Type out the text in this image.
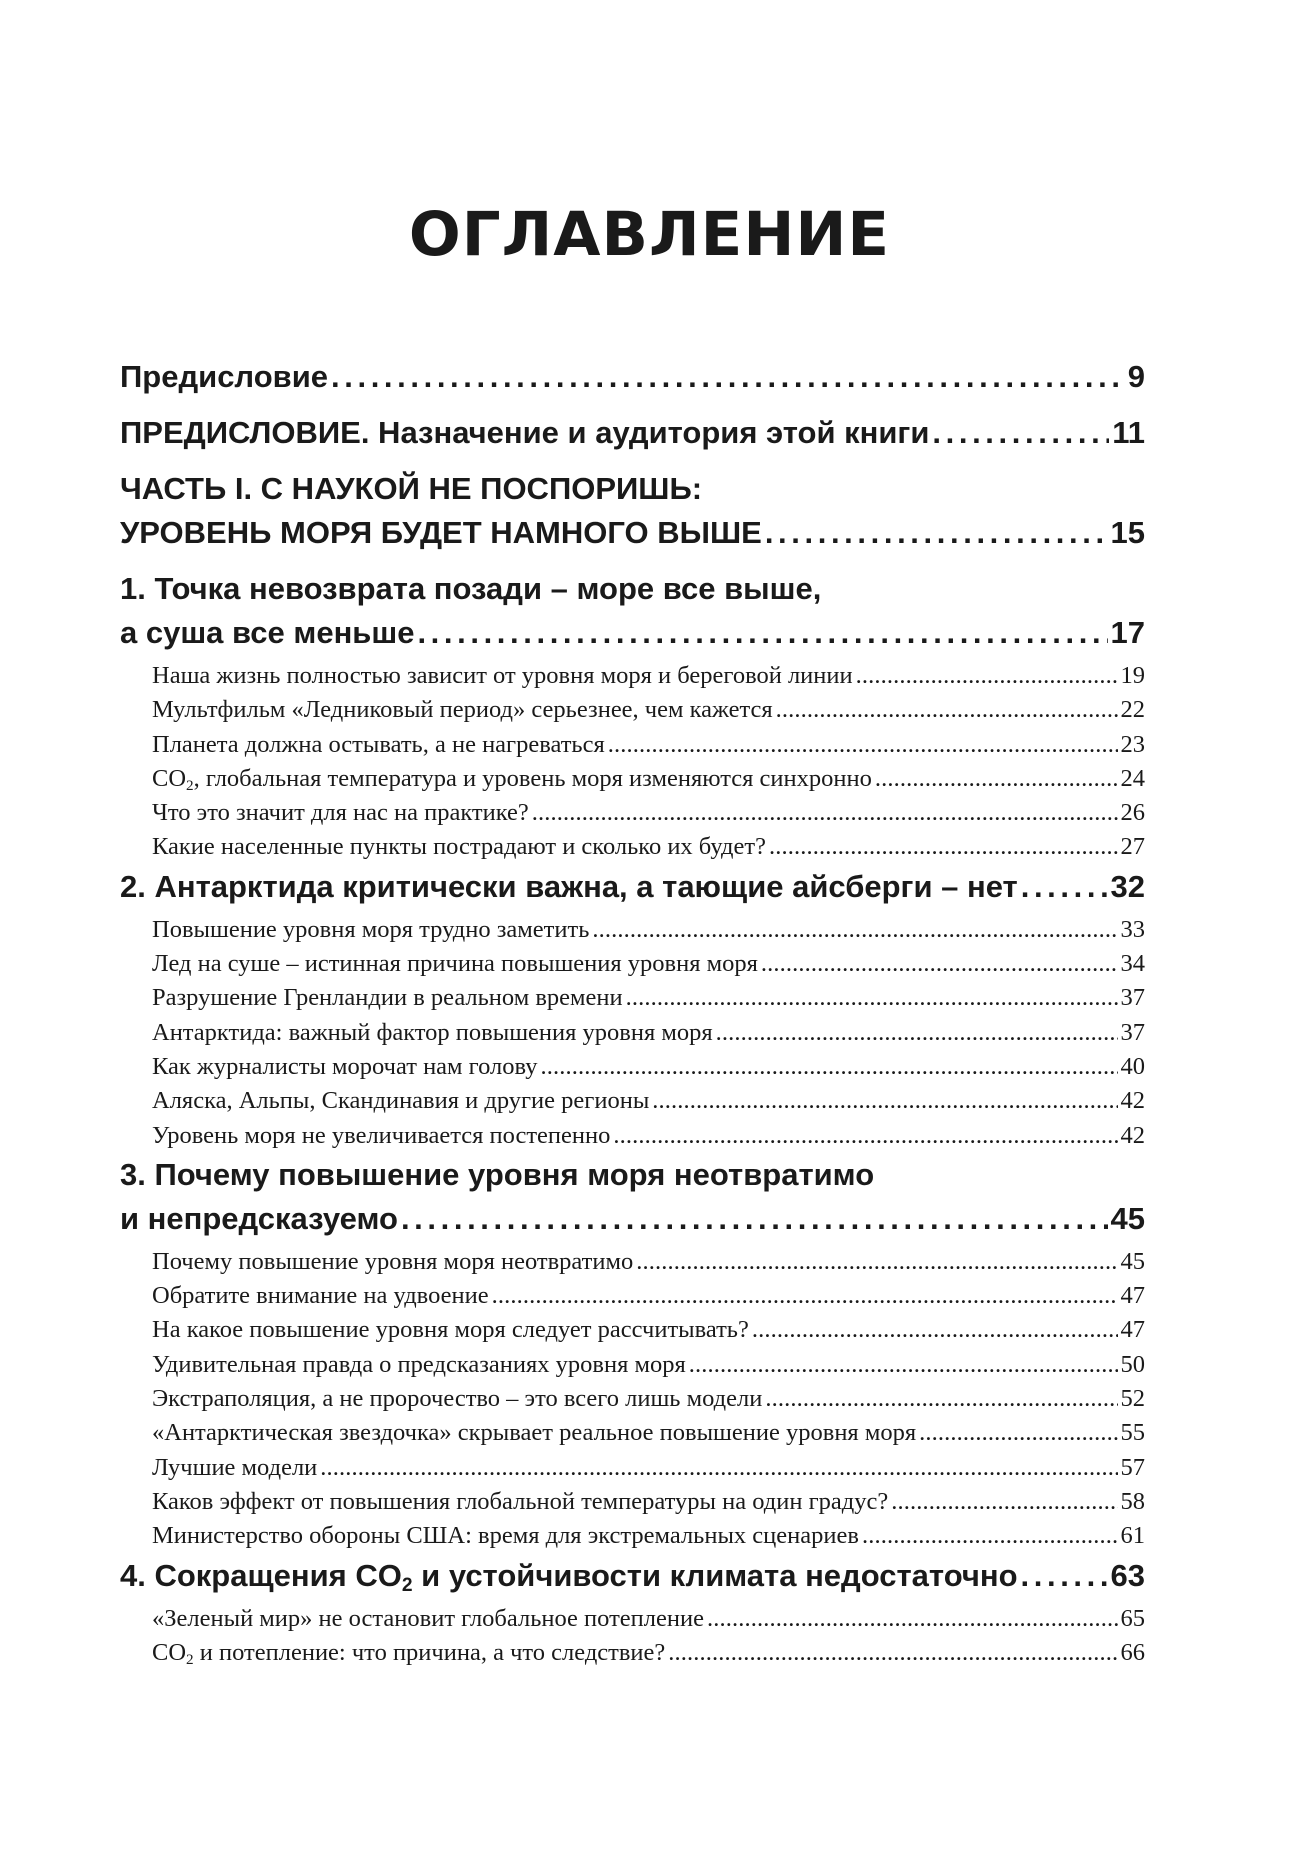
ОГЛАВЛЕНИЕ
Предисловие . . .	9
ПРЕДИСЛОВИЕ. Назначение и аудитория этой книги . . .	11
ЧАСТЬ I. С НАУКОЙ НЕ ПОСПОРИШЬ:
УРОВЕНЬ МОРЯ БУДЕТ НАМНОГО ВЫШЕ . . .	15
1. Точка невозврата позади – море все выше,
а суша все меньше . . .	17
Наша жизнь полностью зависит от уровня моря и береговой линии . . .	19
Мультфильм «Ледниковый период» серьезнее, чем кажется . . .	22
Планета должна остывать, а не нагреваться . . .	23
$CO_2$, глобальная температура и уровень моря изменяются синхронно . . .	24
Что это значит для нас на практике? . . .	26
Какие населенные пункты пострадают и сколько их будет? . . .	27
2. Антарктида критически важна, а тающие айсберги – нет . . .	32
Повышение уровня моря трудно заметить . . .	33
Лед на суше – истинная причина повышения уровня моря . . .	34
Разрушение Гренландии в реальном времени . . .	37
Антарктида: важный фактор повышения уровня моря . . .	37
Как журналисты морочат нам голову . . .	40
Аляска, Альпы, Скандинавия и другие регионы . . .	42
Уровень моря не увеличивается постепенно . . .	42
3. Почему повышение уровня моря неотвратимо
и непредсказуемо . . .	45
Почему повышение уровня моря неотвратимо . . .	45
Обратите внимание на удвоение . . .	47
На какое повышение уровня моря следует рассчитывать? . . .	47
Удивительная правда о предсказаниях уровня моря . . .	50
Экстраполяция, а не пророчество – это всего лишь модели . . .	52
«Антарктическая звездочка» скрывает реальное повышение уровня моря . . .	55
Лучшие модели . . .	57
Каков эффект от повышения глобальной температуры на один градус? . . .	58
Министерство обороны США: время для экстремальных сценариев . . .	61
4. Сокращения $CO_2$ и устойчивости климата недостаточно . . .	63
«Зеленый мир» не остановит глобальное потепление . . .	65
$CO_2$ и потепление: что причина, а что следствие? . . .	66
